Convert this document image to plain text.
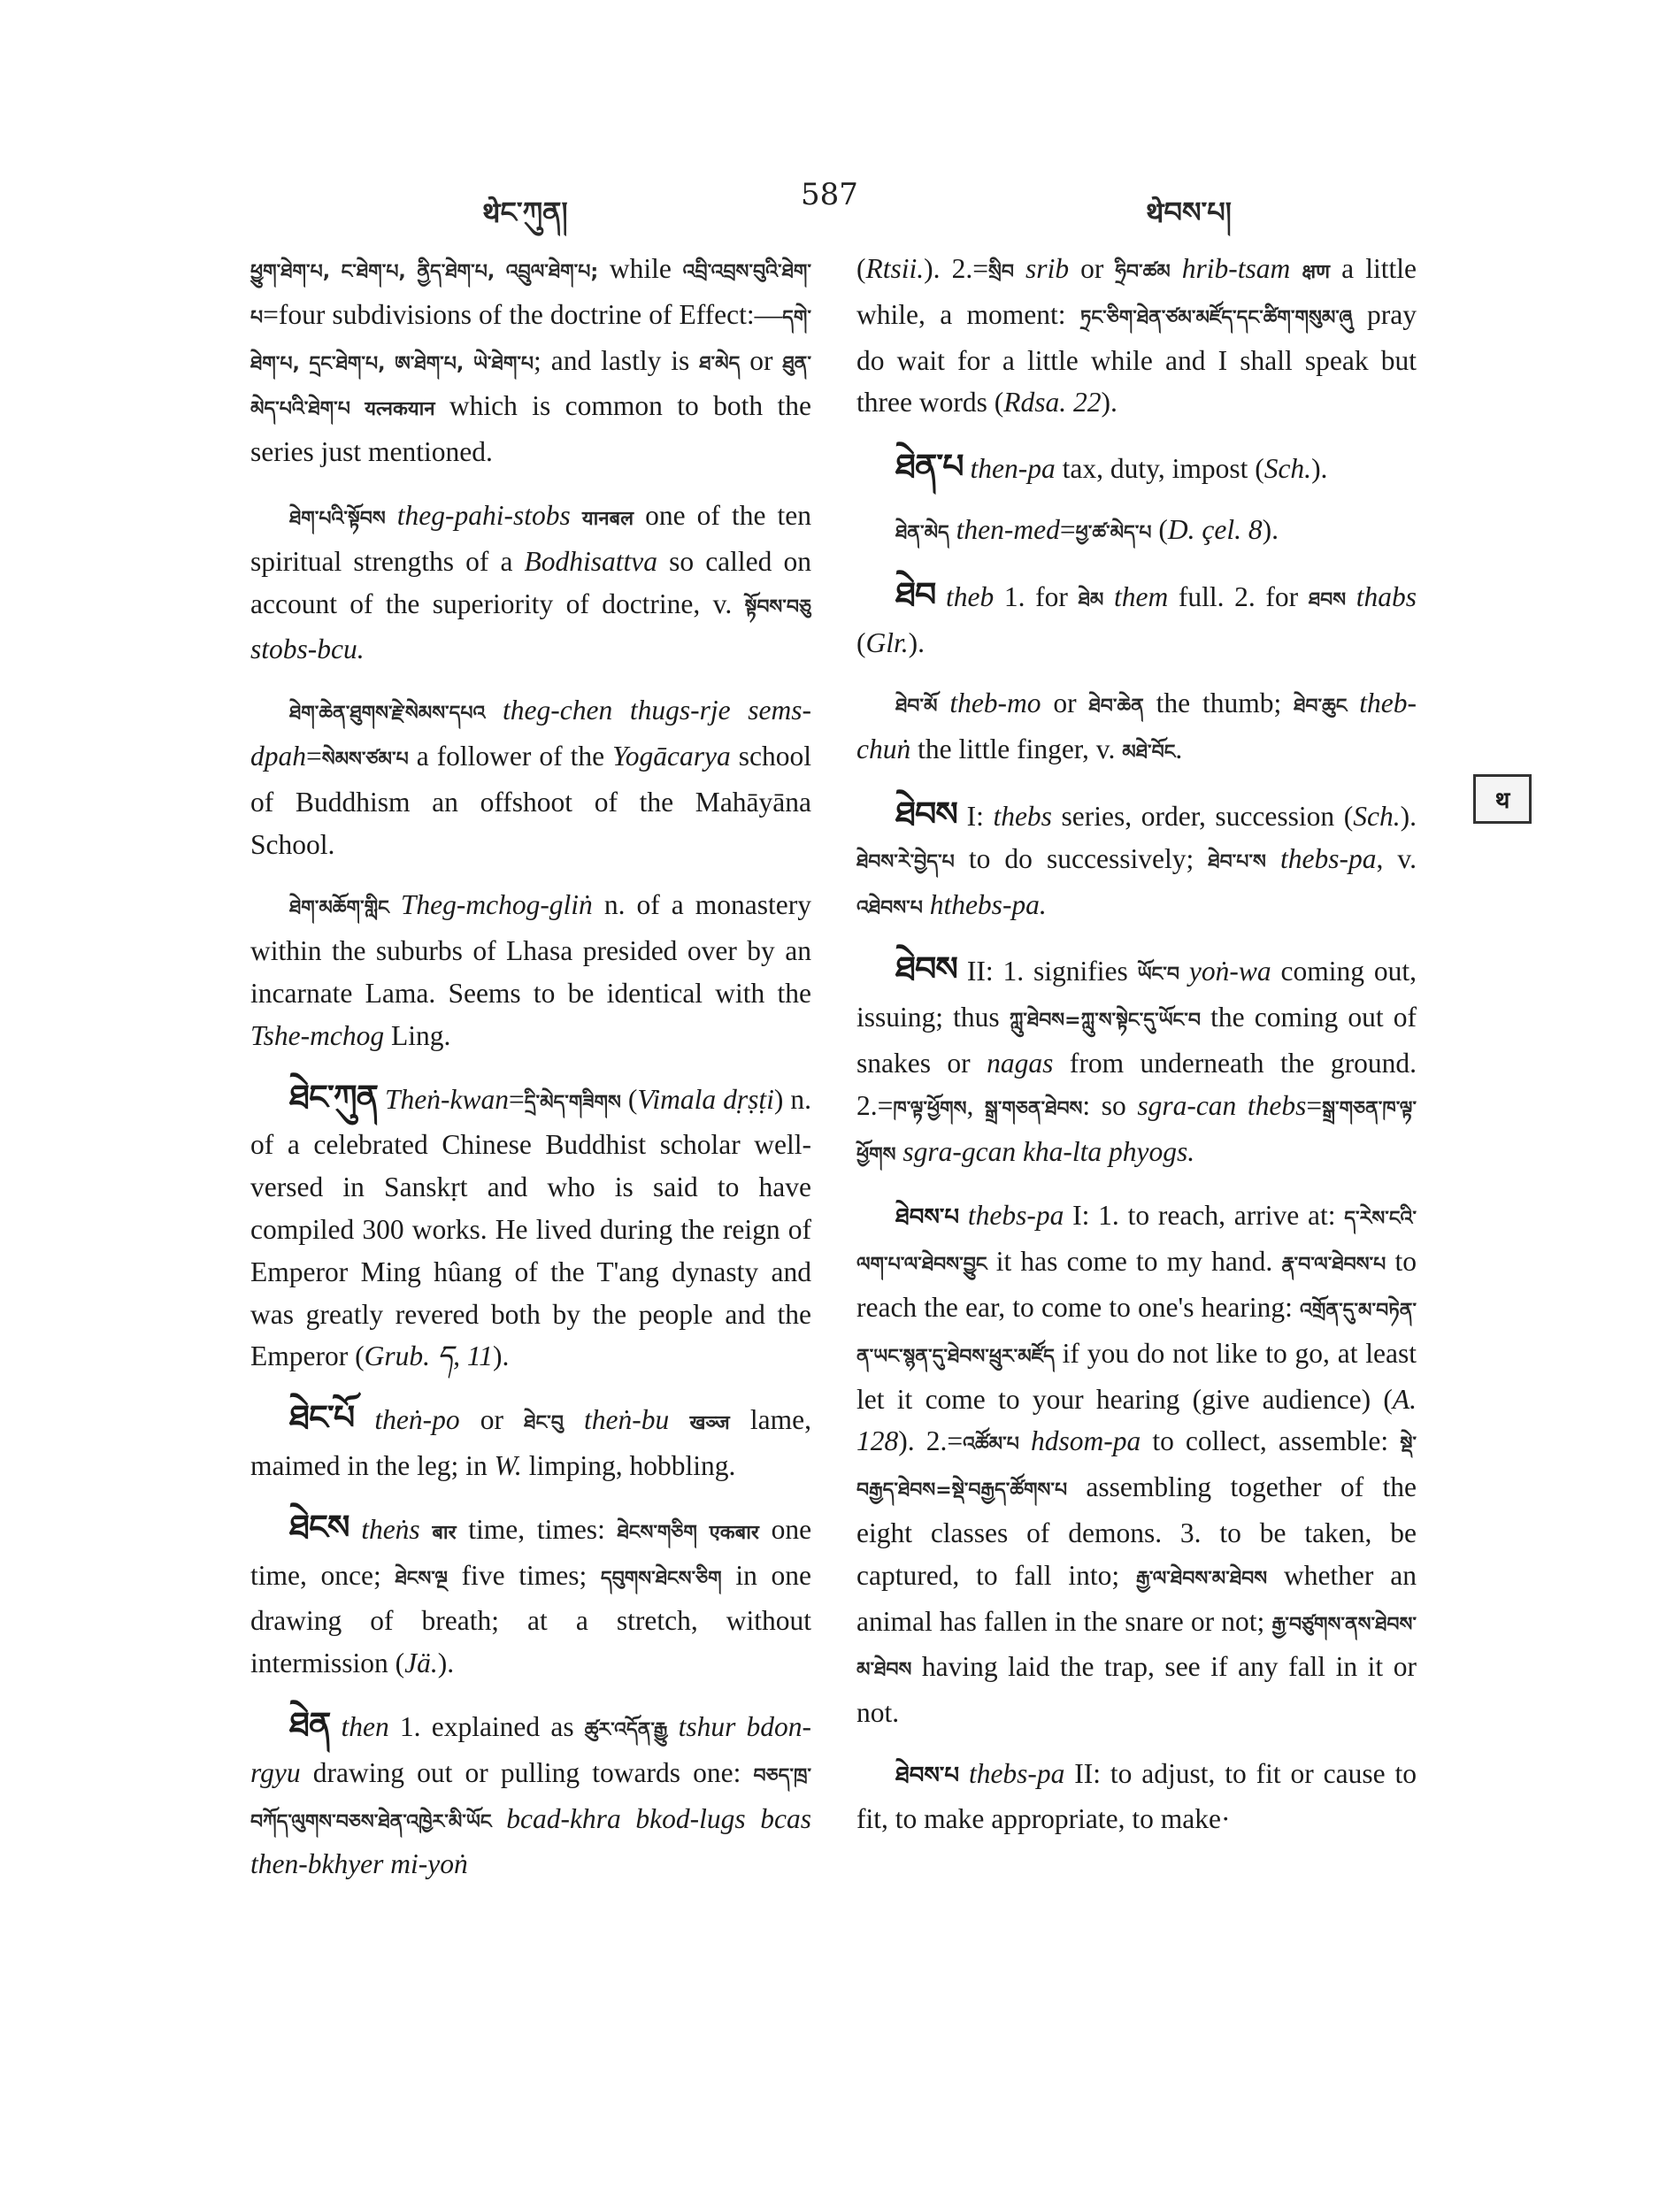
थेང་ཀུན།	587	थेབས་པ།

ཕྱུག་ཐེག་པ, ང་ཐེག་པ, ནྱིད་ཐེག་པ, འབྲུལ་ཐེག་པ; while འབྲི་འབྲས་བུའི་ཐེག་པ=four subdivisions of the doctrine of Effect:—དགེ་ཐེག་པ, དྲང་ཐེག་པ, ཨ་ཐེག་པ, ཡེ་ཐེག་པ; and lastly is ཐ་མེད or ཐུན་མེད་པའི་ཐེག་པ यत्नकयान which is common to both the series just mentioned.

ཐེག་པའི་སྟོབས theg-pahi-stobs यानबल one of the ten spiritual strengths of a Bodhisattva so called on account of the superiority of doctrine, v. སྟོབས་བཅུ stobs-bcu.

ཐེག་ཆེན་ཐུགས་རྗེ་སེམས་དཔའ theg-chen thugs-rje sems-dpah=སེམས་ཙམ་པ a follower of the Yogācarya school of Buddhism an offshoot of the Mahāyāna School.

ཐེག་མཆོག་གླིང Theg-mchog-gliṅ n. of a monastery within the suburbs of Lhasa presided over by an incarnate Lama. Seems to be identical with the Tshe-mchog Ling.

ཐེང་ཀུན Theṅ-kwan=དྲི་མེད་གཟིགས (Vimala dṛṣṭi) n. of a celebrated Chinese Buddhist scholar well-versed in Sanskṛt and who is said to have compiled 300 works. He lived during the reign of Emperor Ming hûang of the T'ang dynasty and was greatly revered both by the people and the Emperor (Grub. ད, 11).

ཐེང་པོ theṅ-po or ཐེང་བུ theṅ-bu खञ्ज lame, maimed in the leg; in W. limping, hobbling.

ཐེངས theṅs बार time, times: ཐེངས་གཅིག एकबार one time, once; ཐེངས་ལྔ five times; དབུགས་ཐེངས་ཅིག in one drawing of breath; at a stretch, without intermission (Jä.).

ཐེན then 1. explained as ཚུར་འདོན་རྒྱུ tshur bdon-rgyu drawing out or pulling towards one: བཅད་ཁྲ་བཀོད་ལུགས་བཅས་ཐེན་འཁྱེར་མི་ཡོང bcad-khra bkod-lugs bcas then-bkhyer mi-yoṅ

(Rtsii.). 2.=སྲིབ srib or ཧྲིབ་ཚམ hrib-tsam क्षण a little while, a moment: ཏྲང་ཅིག་ཐེན་ཙམ་མཛོད་དང་ཚིག་གསུམ་ཞུ pray do wait for a little while and I shall speak but three words (Rdsa. 22).

ཐེན་པ then-pa tax, duty, impost (Sch.).

ཐེན་མེད then-med=ཕྱ་ཚ་མེད་པ (D. çel. 8).

ཐེབ theb 1. for ཐེམ them full. 2. for ཐབས thabs (Glr.).

ཐེབ་མོ theb-mo or ཐེབ་ཆེན the thumb; ཐེབ་ཆུང theb-chuṅ the little finger, v. མཐེ་བོང.

ཐེབས I: thebs series, order, succession (Sch.). ཐེབས་རེ་བྱེད་པ to do successively; ཐེབ་པ་ས thebs-pa, v. འཐེབས་པ hthebs-pa.

ཐེབས II: 1. signifies ཡོང་བ yoṅ-wa coming out, issuing; thus ཀླུ་ཐེབས=ཀླུ་ས་སྟེང་དུ་ཡོང་བ the coming out of snakes or nagas from underneath the ground. 2.=ཁ་ལྟ་ཕྱོགས, སྒྲ་གཅན་ཐེབས: so sgra-can thebs=སྒྲ་གཅན་ཁ་ལྟ་ཕྱོགས sgra-gcan kha-lta phyogs.

ཐེབས་པ thebs-pa I: 1. to reach, arrive at: ད་རེས་ངའི་ལག་པ་ལ་ཐེབས་བྱུང it has come to my hand. རྣ་བ་ལ་ཐེབས་པ to reach the ear, to come to one's hearing: འགྲོན་དུ་མ་བཏེན་ན་ཡང་སྙན་དུ་ཐེབས་ཕྲུར་མཛོད if you do not like to go, at least let it come to your hearing (give audience) (A. 128). 2.=འཚོམ་པ hdsom-pa to collect, assemble: སྡེ་བརྒྱད་ཐེབས=སྡེ་བརྒྱད་ཚོགས་པ assembling together of the eight classes of demons. 3. to be taken, be captured, to fall into; རྒྱ་ལ་ཐེབས་མ་ཐེབས whether an animal has fallen in the snare or not; རྒྱ་བཙུགས་ནས་ཐེབས་མ་ཐེབས having laid the trap, see if any fall in it or not.

ཐེབས་པ thebs-pa II: to adjust, to fit or cause to fit, to make appropriate, to make·

थ
